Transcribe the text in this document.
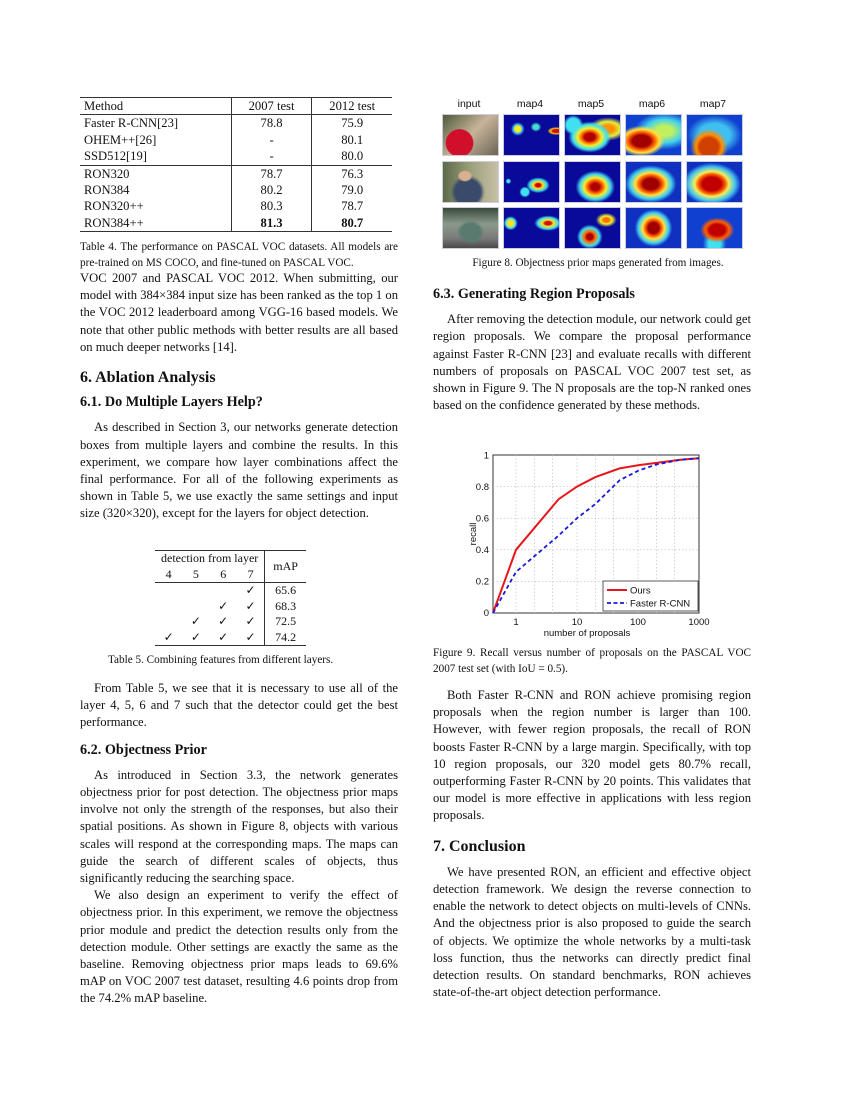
Method	2007 test	2012 test
Faster R-CNN[23]	78.8	75.9
OHEM++[26]	-	80.1
SSD512[19]	-	80.0
RON320	78.7	76.3
RON384	80.2	79.0
RON320++	80.3	78.7
RON384++	81.3	80.7

Table 4. The performance on PASCAL VOC datasets. All models are pre-trained on MS COCO, and fine-tuned on PASCAL VOC.

VOC 2007 and PASCAL VOC 2012. When submitting, our model with 384×384 input size has been ranked as the top 1 on the VOC 2012 leaderboard among VGG-16 based models. We note that other public methods with better results are all based on much deeper networks [14].

6. Ablation Analysis
6.1. Do Multiple Layers Help?

As described in Section 3, our networks generate detection boxes from multiple layers and combine the results. In this experiment, we compare how layer combinations affect the final performance. For all of the following experiments as shown in Table 5, we use exactly the same settings and input size (320×320), except for the layers for object detection.

detection from layer				mAP
4	5	6	7	
			✓	65.6
		✓	✓	68.3
	✓	✓	✓	72.5
✓	✓	✓	✓	74.2

Table 5. Combining features from different layers.

From Table 5, we see that it is necessary to use all of the layer 4, 5, 6 and 7 such that the detector could get the best performance.

6.2. Objectness Prior

As introduced in Section 3.3, the network generates objectness prior for post detection. The objectness prior maps involve not only the strength of the responses, but also their spatial positions. As shown in Figure 8, objects with various scales will respond at the corresponding maps. The maps can guide the search of different scales of objects, thus significantly reducing the searching space.

We also design an experiment to verify the effect of objectness prior. In this experiment, we remove the objectness prior module and predict the detection results only from the detection module. Other settings are exactly the same as the baseline. Removing objectness prior maps leads to 69.6% mAP on VOC 2007 test dataset, resulting 4.6 points drop from the 74.2% mAP baseline.

input	map4	map5	map6	map7

Figure 8. Objectness prior maps generated from images.

6.3. Generating Region Proposals

After removing the detection module, our network could get region proposals. We compare the proposal performance against Faster R-CNN [23] and evaluate recalls with different numbers of proposals on PASCAL VOC 2007 test set, as shown in Figure 9. The N proposals are the top-N ranked ones based on the confidence generated by these methods.

0
0.2
0.4
0.6
0.8
1
1	10	100	1000
number of proposals
recall
Ours
Faster R-CNN

Figure 9. Recall versus number of proposals on the PASCAL VOC 2007 test set (with IoU = 0.5).

Both Faster R-CNN and RON achieve promising region proposals when the region number is larger than 100. However, with fewer region proposals, the recall of RON boosts Faster R-CNN by a large margin. Specifically, with top 10 region proposals, our 320 model gets 80.7% recall, outperforming Faster R-CNN by 20 points. This validates that our model is more effective in applications with less region proposals.

7. Conclusion

We have presented RON, an efficient and effective object detection framework. We design the reverse connection to enable the network to detect objects on multi-levels of CNNs. And the objectness prior is also proposed to guide the search of objects. We optimize the whole networks by a multi-task loss function, thus the networks can directly predict final detection results. On standard benchmarks, RON achieves state-of-the-art object detection performance.
